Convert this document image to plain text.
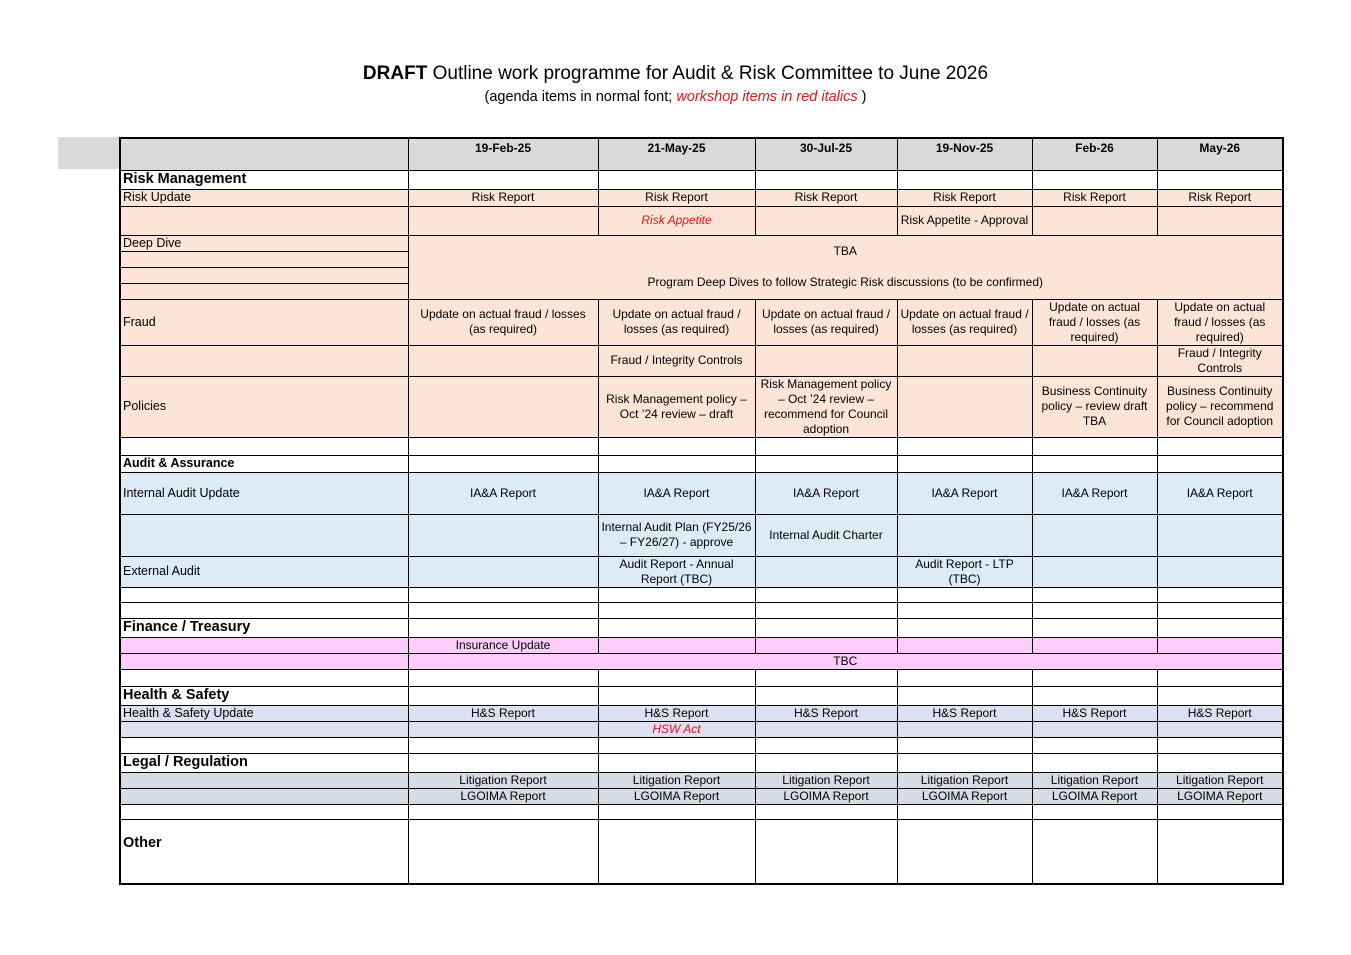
DRAFT Outline work programme for Audit & Risk Committee to June 2026
(agenda items in normal font; workshop items in red italics )
	19-Feb-25	21-May-25	30-Jul-25	19-Nov-25	Feb-26	May-26
Risk Management						
Risk Update	Risk Report	Risk Report	Risk Report	Risk Report	Risk Report	Risk Report
		Risk Appetite		Risk Appetite - Approval		
Deep Dive	TBA
Program Deep Dives to follow Strategic Risk discussions (to be confirmed)					

Fraud	Update on actual fraud / losses (as required)	Update on actual fraud / losses (as required)	Update on actual fraud / losses (as required)	Update on actual fraud / losses (as required)	Update on actual fraud / losses (as required)	Update on actual fraud / losses (as required)
		Fraud / Integrity Controls				Fraud / Integrity Controls
Policies		Risk Management policy – Oct ’24 review – draft	Risk Management policy – Oct ’24 review – recommend for Council adoption		Business Continuity policy – review draft TBA	Business Continuity policy – recommend for Council adoption

Audit & Assurance						
Internal Audit Update	IA&A Report	IA&A Report	IA&A Report	IA&A Report	IA&A Report	IA&A Report
		Internal Audit Plan (FY25/26 – FY26/27) - approve	Internal Audit Charter			
External Audit		Audit Report - Annual Report (TBC)		Audit Report - LTP (TBC)		

Finance / Treasury						
	Insurance Update					
	TBC					

Health & Safety						
Health & Safety Update	H&S Report	H&S Report	H&S Report	H&S Report	H&S Report	H&S Report
		HSW Act				

Legal / Regulation						
	Litigation Report	Litigation Report	Litigation Report	Litigation Report	Litigation Report	Litigation Report
	LGOIMA Report	LGOIMA Report	LGOIMA Report	LGOIMA Report	LGOIMA Report	LGOIMA Report

Other						
